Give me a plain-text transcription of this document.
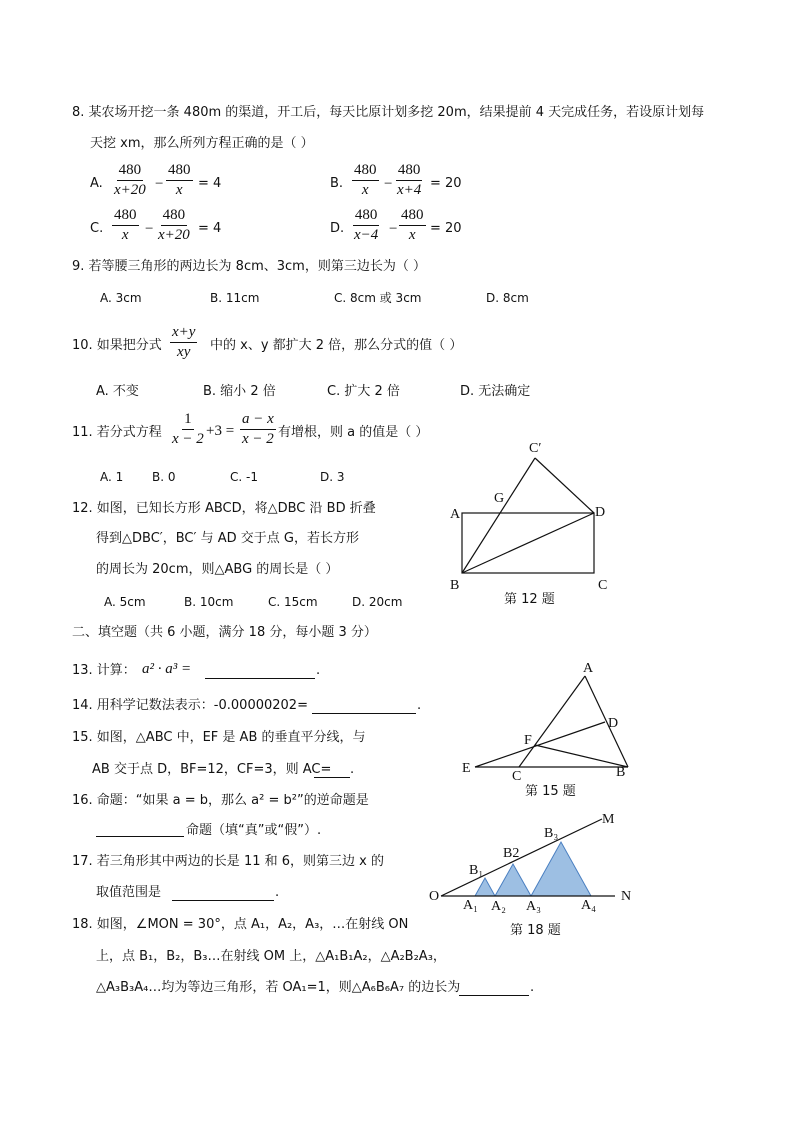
8. 某农场开挖一条 480m 的渠道，开工后，每天比原计划多挖 20m，结果提前 4 天完成任务，若设原计划每
天挖 xm，那么所列方程正确的是（ ）
A. $\frac{480}{x+20} - \frac{480}{x} = 4$	B. $\frac{480}{x} - \frac{480}{x+4} = 20$
C. $\frac{480}{x} - \frac{480}{x+20} = 4$	D. $\frac{480}{x-4} - \frac{480}{x} = 20$
9. 若等腰三角形的两边长为 8cm、3cm，则第三边长为（ ）
A. 3cm	B. 11cm	C. 8cm 或 3cm	D. 8cm
10. 如果把分式 $\frac{x+y}{xy}$ 中的 x、y 都扩大 2 倍，那么分式的值（ ）
A. 不变	B. 缩小 2 倍	C. 扩大 2 倍	D. 无法确定
11. 若分式方程 $\frac{1}{x - 2} +3 = \frac{a - x}{x - 2}$ 有增根，则 a 的值是（ ）
A. 1 B. 0	C. -1	D. 3
12. 如图，已知长方形 ABCD，将△DBC 沿 BD 折叠
得到△DBC′，BC′ 与 AD 交于点 G，若长方形
的周长为 20cm，则△ABG 的周长是（ ）
A. 5cm	B. 10cm	C. 15cm	D. 20cm
C′
G
A	D
B	C
第 12 题
二、填空题（共 6 小题，满分 18 分，每小题 3 分）
13. 计算： a² · a³ =	.
14. 用科学记数法表示：-0.00000202=	.
15. 如图，△ABC 中，EF 是 AB 的垂直平分线，与
AB 交于点 D，BF=12，CF=3，则 AC= .
A
D
F
E
C	B
第 15 题
16. 命题：“如果 a = b，那么 a² = b²”的逆命题是
命题（填“真”或“假”）.
17. 若三角形其中两边的长是 11 和 6，则第三边 x 的
取值范围是	.
18. 如图，∠MON = 30°，点 A₁，A₂，A₃，…在射线 ON
上，点 B₁，B₂，B₃…在射线 OM 上，△A₁B₁A₂，△A₂B₂A₃，
△A₃B₃A₄…均为等边三角形，若 OA₁=1，则△A₆B₆A₇ 的边长为	.
O
M
N
B₁
B2
B₃
A₁ A₂ A₃	A₄
第 18 题
